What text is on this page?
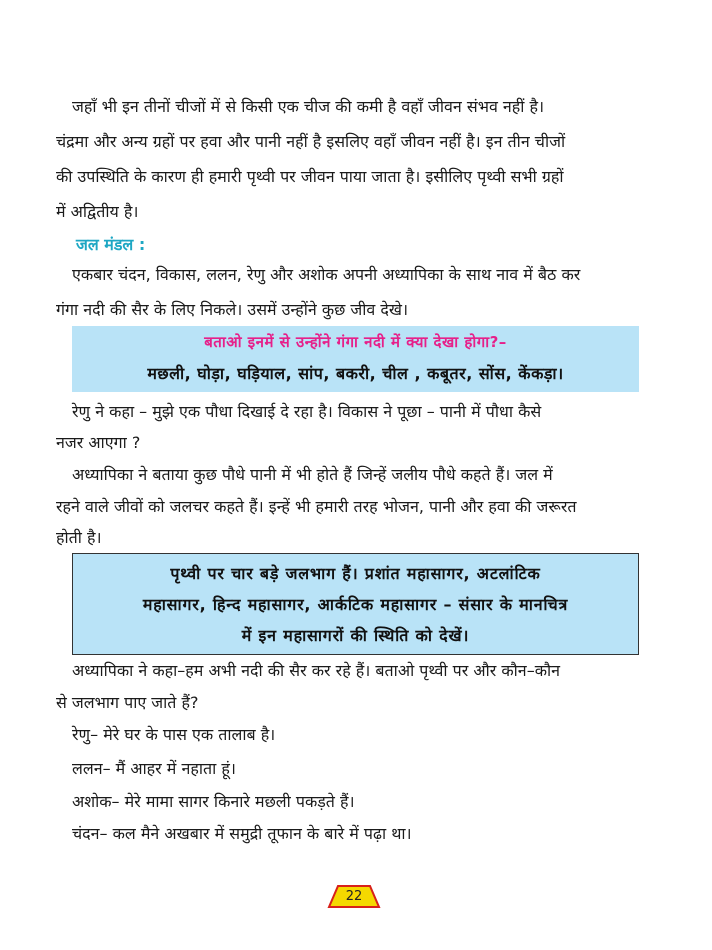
जहाँ भी इन तीनों चीजों में से किसी एक चीज की कमी है वहाँ जीवन संभव नहीं है।
चंद्रमा और अन्य ग्रहों पर हवा और पानी नहीं है इसलिए वहाँ जीवन नहीं है। इन तीन चीजों
की उपस्थिति के कारण ही हमारी पृथ्वी पर जीवन पाया जाता है। इसीलिए पृथ्वी सभी ग्रहों
में अद्वितीय है।
जल मंडल :
एकबार चंदन, विकास, ललन, रेणु और अशोक अपनी अध्यापिका के साथ नाव में बैठ कर
गंगा नदी की सैर के लिए निकले। उसमें उन्होंने कुछ जीव देखे।
बताओ इनमें से उन्होंने गंगा नदी में क्या देखा होगा?–
मछली, घोड़ा, घड़ियाल, सांप, बकरी, चील , कबूतर, सोंस, केंकड़ा।
रेणु ने कहा – मुझे एक पौधा दिखाई दे रहा है। विकास ने पूछा – पानी में पौधा कैसे
नजर आएगा ?
अध्यापिका ने बताया कुछ पौधे पानी में भी होते हैं जिन्हें जलीय पौधे कहते हैं। जल में
रहने वाले जीवों को जलचर कहते हैं। इन्हें भी हमारी तरह भोजन, पानी और हवा की जरूरत
होती है।
पृथ्वी पर चार बड़े जलभाग हैं। प्रशांत महासागर, अटलांटिक
महासागर, हिन्द महासागर, आर्कटिक महासागर – संसार के मानचित्र
में इन महासागरों की स्थिति को देखें।
अध्यापिका ने कहा–हम अभी नदी की सैर कर रहे हैं। बताओ पृथ्वी पर और कौन–कौन
से जलभाग पाए जाते हैं?
रेणु– मेरे घर के पास एक तालाब है।
ललन– मैं आहर में नहाता हूं।
अशोक– मेरे मामा सागर किनारे मछली पकड़ते हैं।
चंदन– कल मैने अखबार में समुद्री तूफान के बारे में पढ़ा था।
22
